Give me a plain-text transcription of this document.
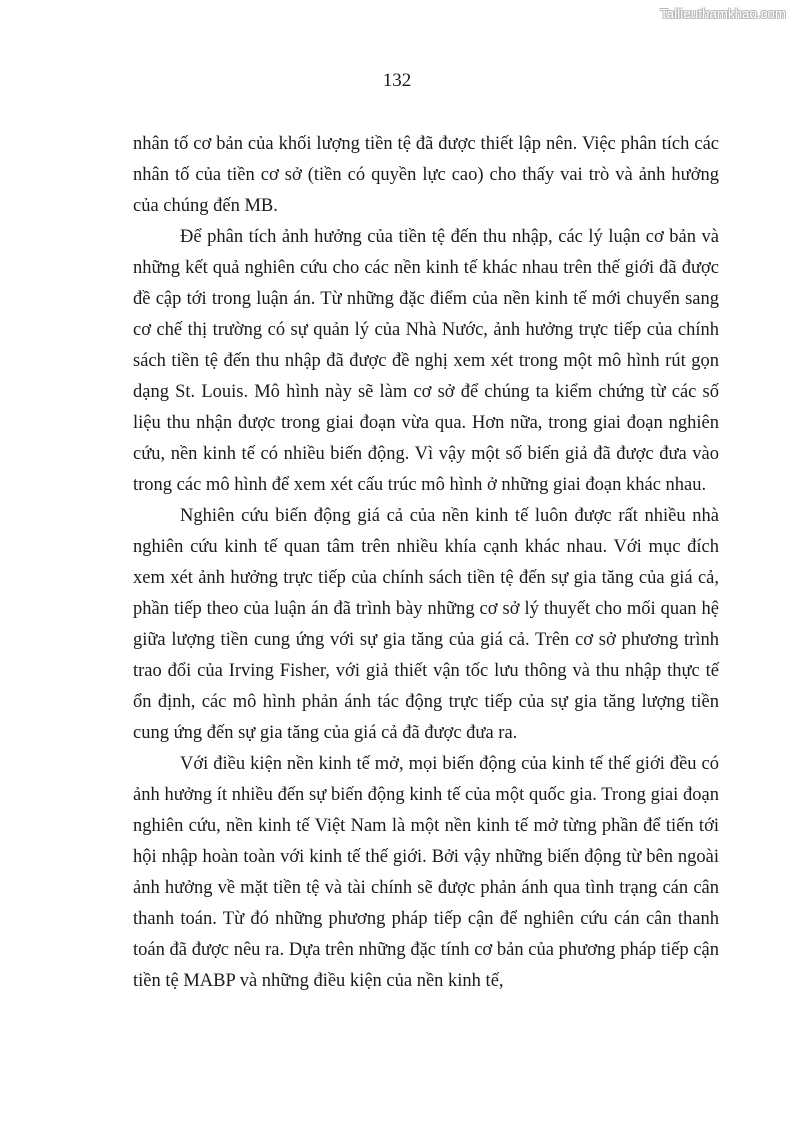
Tailieuthamkhao.com
132

nhân tố cơ bản của khối lượng tiền tệ đã được thiết lập nên. Việc phân tích các nhân tố của tiền cơ sở (tiền có quyền lực cao) cho thấy vai trò và ảnh hưởng của chúng đến MB.

Để phân tích ảnh hưởng của tiền tệ đến thu nhập, các lý luận cơ bản và những kết quả nghiên cứu cho các nền kinh tế khác nhau trên thế giới đã được đề cập tới trong luận án. Từ những đặc điểm của nền kinh tế mới chuyển sang cơ chế thị trường có sự quản lý của Nhà Nước, ảnh hưởng trực tiếp của chính sách tiền tệ đến thu nhập đã được đề nghị xem xét trong một mô hình rút gọn dạng St. Louis. Mô hình này sẽ làm cơ sở để chúng ta kiểm chứng từ các số liệu thu nhận được trong giai đoạn vừa qua. Hơn nữa, trong giai đoạn nghiên cứu, nền kinh tế có nhiều biến động. Vì vậy một số biến giả đã được đưa vào trong các mô hình để xem xét cấu trúc mô hình ở những giai đoạn khác nhau.

Nghiên cứu biến động giá cả của nền kinh tế luôn được rất nhiều nhà nghiên cứu kinh tế quan tâm trên nhiều khía cạnh khác nhau. Với mục đích xem xét ảnh hưởng trực tiếp của chính sách tiền tệ đến sự gia tăng của giá cả, phần tiếp theo của luận án đã trình bày những cơ sở lý thuyết cho mối quan hệ giữa lượng tiền cung ứng với sự gia tăng của giá cả. Trên cơ sở phương trình trao đổi của Irving Fisher, với giả thiết vận tốc lưu thông và thu nhập thực tế ổn định, các mô hình phản ánh tác động trực tiếp của sự gia tăng lượng tiền cung ứng đến sự gia tăng của giá cả đã được đưa ra.

Với điều kiện nền kinh tế mở, mọi biến động của kinh tế thế giới đều có ảnh hưởng ít nhiều đến sự biến động kinh tế của một quốc gia. Trong giai đoạn nghiên cứu, nền kinh tế Việt Nam là một nền kinh tế mở từng phần để tiến tới hội nhập hoàn toàn với kinh tế thế giới. Bởi vậy những biến động từ bên ngoài ảnh hưởng về mặt tiền tệ và tài chính sẽ được phản ánh qua tình trạng cán cân thanh toán. Từ đó những phương pháp tiếp cận để nghiên cứu cán cân thanh toán đã được nêu ra. Dựa trên những đặc tính cơ bản của phương pháp tiếp cận tiền tệ MABP và những điều kiện của nền kinh tế,
